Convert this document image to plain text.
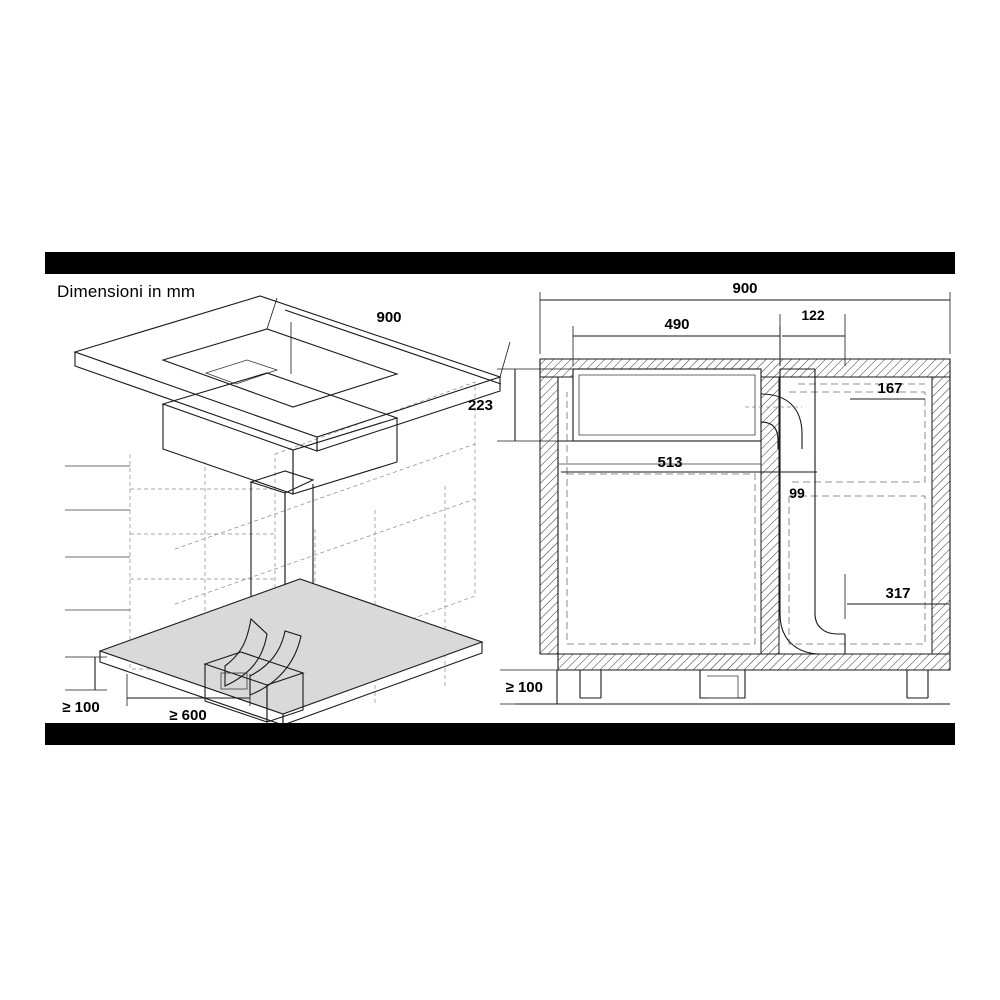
Dimensioni in mm
900
≥ 100	≥ 600
900
490
122
223
167
513
99
317
≥ 100
